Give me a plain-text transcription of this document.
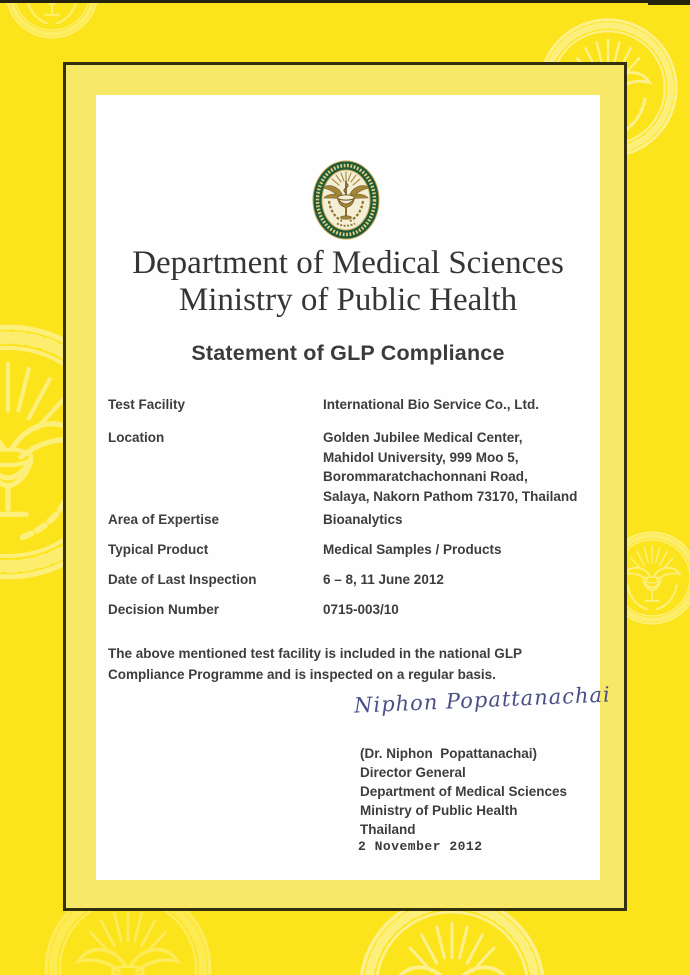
Department of Medical Sciences
Ministry of Public Health
Statement of GLP Compliance
Test Facility	International Bio Service Co., Ltd.
Location	Golden Jubilee Medical Center,
Mahidol University, 999 Moo 5,
Borommaratchachonnani Road,
Salaya, Nakorn Pathom 73170, Thailand
Area of Expertise	Bioanalytics
Typical Product	Medical Samples / Products
Date of Last Inspection	6 – 8, 11 June 2012
Decision Number	0715-003/10
The above mentioned test facility is included in the national GLP
Compliance Programme and is inspected on a regular basis.
Niphon Popattanachai
(Dr. Niphon  Popattanachai)
Director General
Department of Medical Sciences
Ministry of Public Health
Thailand
2 November 2012
